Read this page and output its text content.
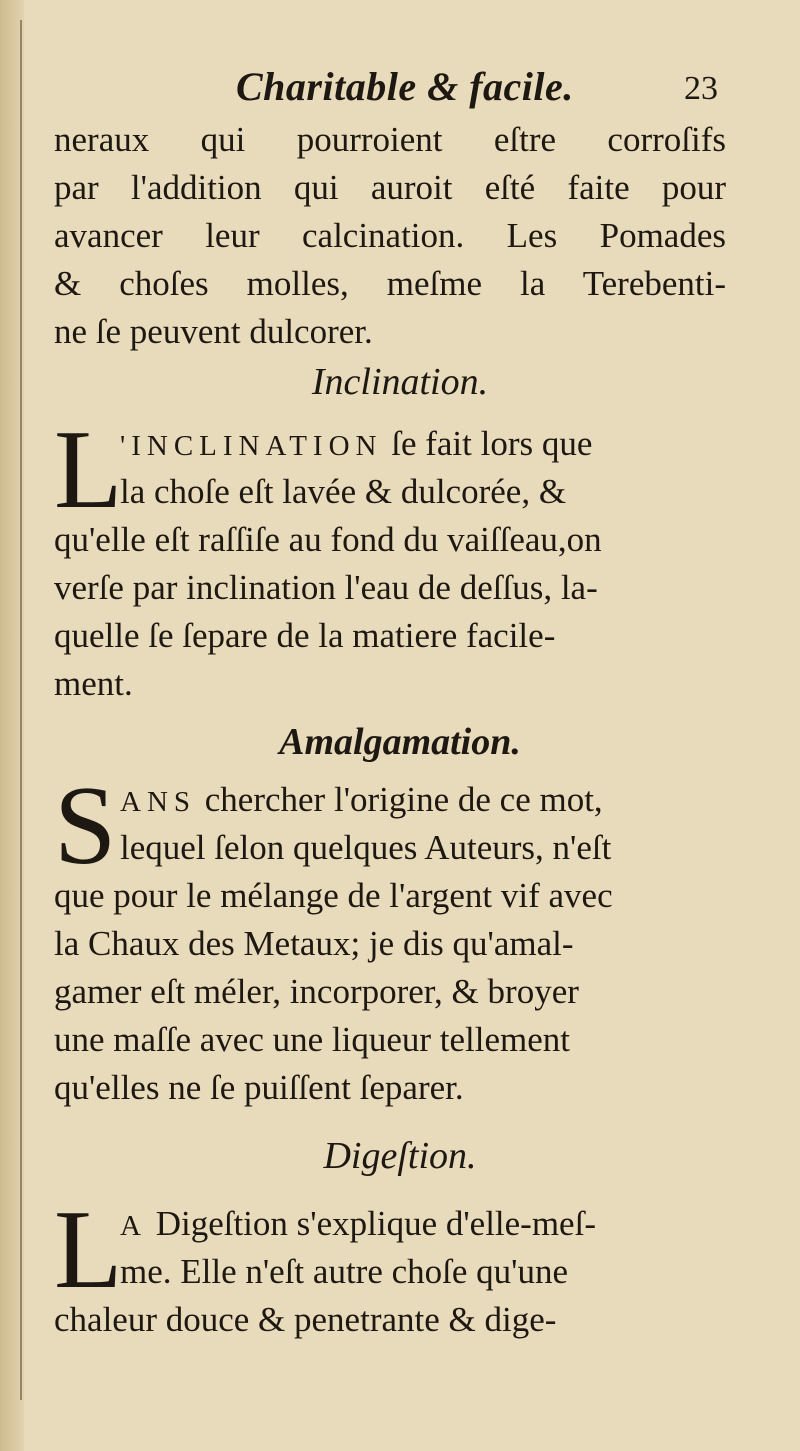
Charitable & facile.	23
neraux qui pourroient eſtre corroſifs
par l'addition qui auroit eſté faite pour
avancer leur calcination. Les Pomades
& choſes molles, meſme la Terebenti-
ne ſe peuvent dulcorer.
Inclination.
L
'INCLINATION ſe fait lors que
la choſe eſt lavée & dulcorée, &
qu'elle eſt raſſiſe au fond du vaiſſeau,on
verſe par inclination l'eau de deſſus, la-
quelle ſe ſepare de la matiere facile-
ment.
Amalgamation.
S ANS chercher l'origine de ce mot,
lequel ſelon quelques Auteurs, n'eſt
que pour le mélange de l'argent vif avec
la Chaux des Metaux; je dis qu'amal-
gamer eſt méler, incorporer, & broyer
une maſſe avec une liqueur tellement
qu'elles ne ſe puiſſent ſeparer.
Digeſtion.
L
A Digeſtion s'explique d'elle-meſ-
me. Elle n'eſt autre choſe qu'une
chaleur douce & penetrante & dige-
